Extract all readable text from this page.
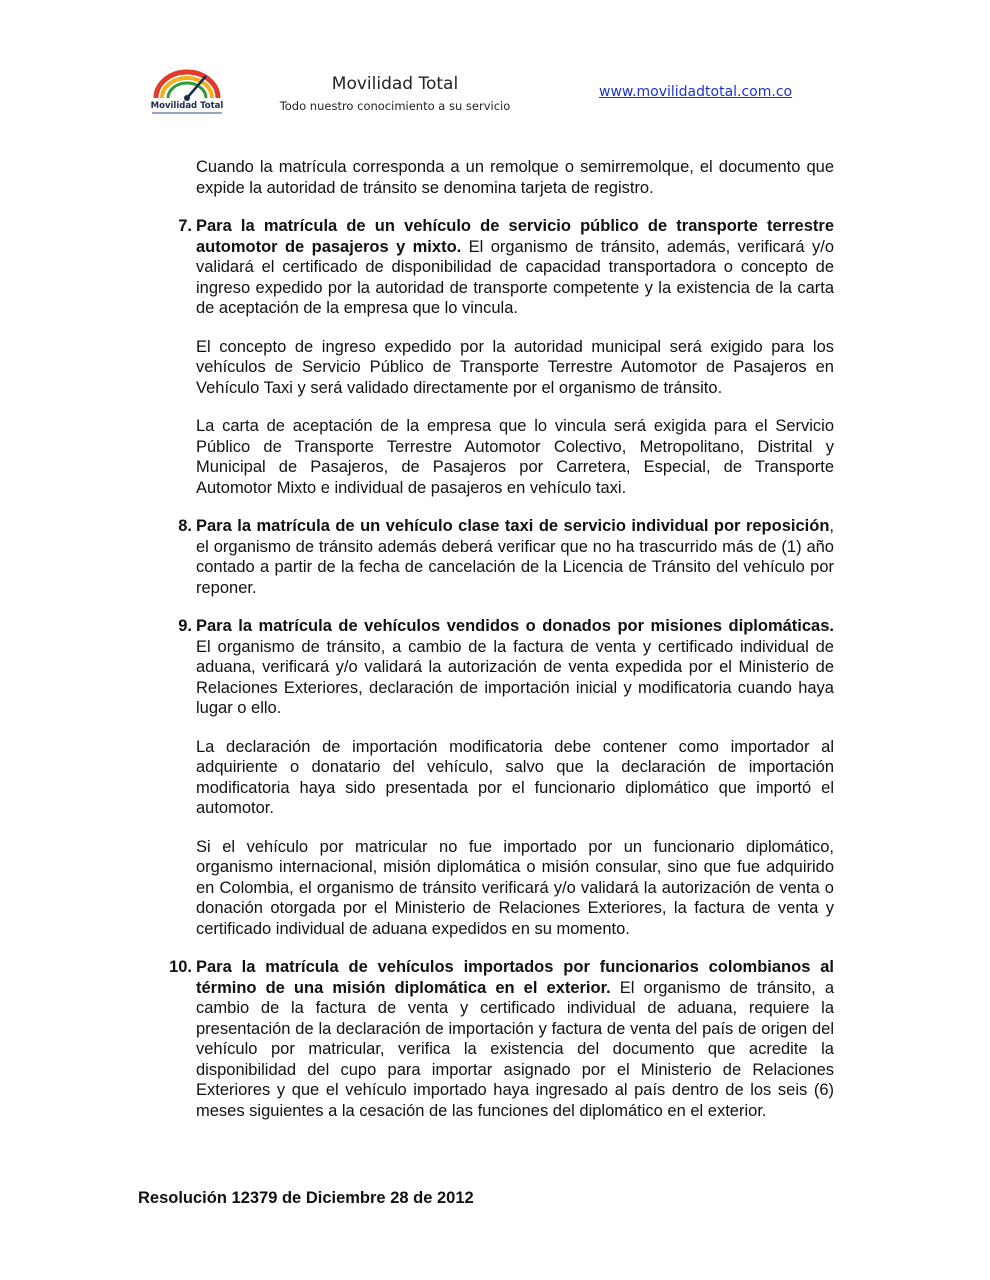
Movilidad Total
Movilidad Total
Todo nuestro conocimiento a su servicio
www.movilidadtotal.com.co

Cuando la matrícula corresponda a un remolque o semirremolque, el documento que expide la autoridad de tránsito se denomina tarjeta de registro.

7. Para la matrícula de un vehículo de servicio público de transporte terrestre automotor de pasajeros y mixto. El organismo de tránsito, además, verificará y/o validará el certificado de disponibilidad de capacidad transportadora o concepto de ingreso expedido por la autoridad de transporte competente y la existencia de la carta de aceptación de la empresa que lo vincula.

El concepto de ingreso expedido por la autoridad municipal será exigido para los vehículos de Servicio Público de Transporte Terrestre Automotor de Pasajeros en Vehículo Taxi y será validado directamente por el organismo de tránsito.

La carta de aceptación de la empresa que lo vincula será exigida para el Servicio Público de Transporte Terrestre Automotor Colectivo, Metropolitano, Distrital y Municipal de Pasajeros, de Pasajeros por Carretera, Especial, de Transporte Automotor Mixto e individual de pasajeros en vehículo taxi.

8. Para la matrícula de un vehículo clase taxi de servicio individual por reposición, el organismo de tránsito además deberá verificar que no ha trascurrido más de (1) año contado a partir de la fecha de cancelación de la Licencia de Tránsito del vehículo por reponer.

9. Para la matrícula de vehículos vendidos o donados por misiones diplomáticas. El organismo de tránsito, a cambio de la factura de venta y certificado individual de aduana, verificará y/o validará la autorización de venta expedida por el Ministerio de Relaciones Exteriores, declaración de importación inicial y modificatoria cuando haya lugar o ello.

La declaración de importación modificatoria debe contener como importador al adquiriente o donatario del vehículo, salvo que la declaración de importación modificatoria haya sido presentada por el funcionario diplomático que importó el automotor.

Si el vehículo por matricular no fue importado por un funcionario diplomático, organismo internacional, misión diplomática o misión consular, sino que fue adquirido en Colombia, el organismo de tránsito verificará y/o validará la autorización de venta o donación otorgada por el Ministerio de Relaciones Exteriores, la factura de venta y certificado individual de aduana expedidos en su momento.

10. Para la matrícula de vehículos importados por funcionarios colombianos al término de una misión diplomática en el exterior. El organismo de tránsito, a cambio de la factura de venta y certificado individual de aduana, requiere la presentación de la declaración de importación y factura de venta del país de origen del vehículo por matricular, verifica la existencia del documento que acredite la disponibilidad del cupo para importar asignado por el Ministerio de Relaciones Exteriores y que el vehículo importado haya ingresado al país dentro de los seis (6) meses siguientes a la cesación de las funciones del diplomático en el exterior.

Resolución 12379 de Diciembre 28 de 2012
